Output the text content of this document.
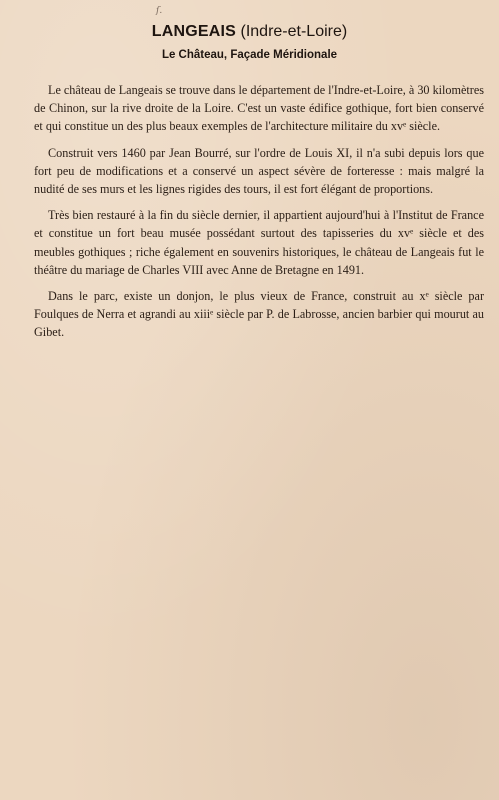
ſ.
LANGEAIS (Indre-et-Loire)
Le Château, Façade Méridionale

Le château de Langeais se trouve dans le département de l'Indre-et-Loire, à 30 kilomètres de Chinon, sur la rive droite de la Loire. C'est un vaste édifice gothique, fort bien conservé et qui constitue un des plus beaux exemples de l'architecture militaire du xvᵉ siècle.

Construit vers 1460 par Jean Bourré, sur l'ordre de Louis XI, il n'a subi depuis lors que fort peu de modifications et a conservé un aspect sévère de forteresse : mais malgré la nudité de ses murs et les lignes rigides des tours, il est fort élégant de proportions.

Très bien restauré à la fin du siècle dernier, il appartient aujourd'hui à l'Institut de France et constitue un fort beau musée possédant surtout des tapisseries du xvᵉ siècle et des meubles gothiques ; riche également en souvenirs historiques, le château de Langeais fut le théâtre du mariage de Charles VIII avec Anne de Bretagne en 1491.

Dans le parc, existe un donjon, le plus vieux de France, construit au xᵉ siècle par Foulques de Nerra et agrandi au xiiiᵉ siècle par P. de Labrosse, ancien barbier qui mourut au Gibet.
